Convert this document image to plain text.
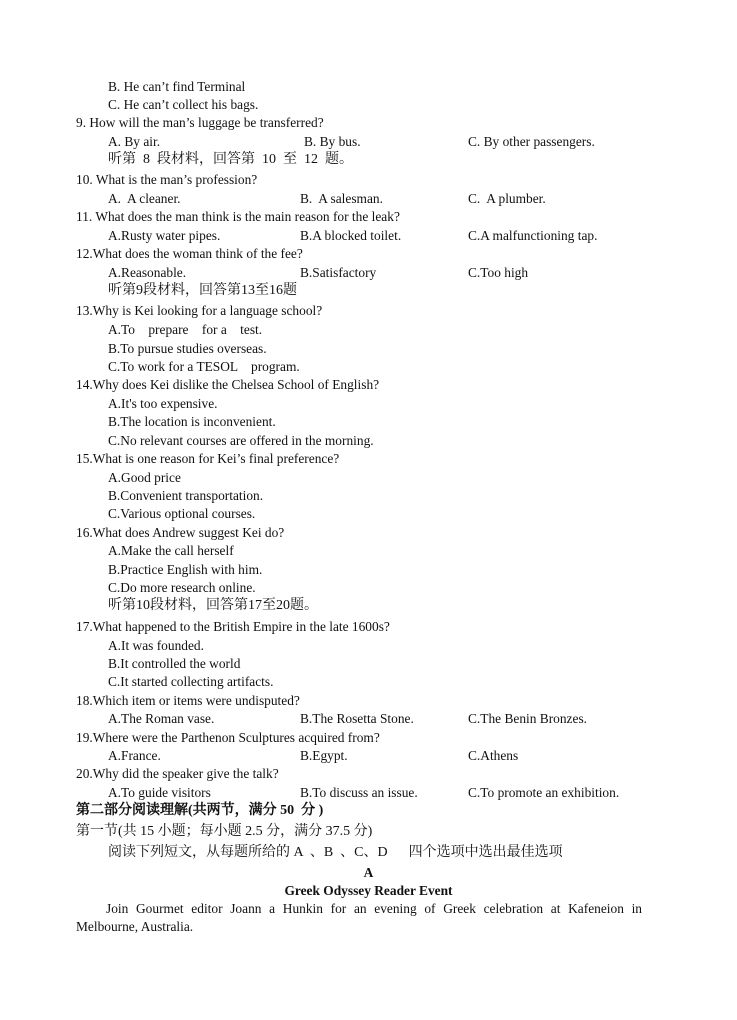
B. He can’t find Terminal
C. He can’t collect his bags.
9. How will the man’s luggage be transferred?
A. By air.	B. By bus.	C. By other passengers.
听第  8  段材料，回答第  10  至  12  题。
10. What is the man’s profession?
A.  A cleaner.	B.  A salesman.	C.  A plumber.
11. What does the man think is the main reason for the leak?
A.Rusty water pipes.	B.A blocked toilet.	C.A malfunctioning tap.
12.What does the woman think of the fee?
A.Reasonable.	B.Satisfactory	C.Too high
听第9段材料，回答第13至16题
13.Why is Kei looking for a language school?
A.To    prepare    for a    test.
B.To pursue studies overseas.
C.To work for a TESOL    program.
14.Why does Kei dislike the Chelsea School of English?
A.It's too expensive.
B.The location is inconvenient.
C.No relevant courses are offered in the morning.
15.What is one reason for Kei’s final preference?
A.Good price
B.Convenient transportation.
C.Various optional courses.
16.What does Andrew suggest Kei do?
A.Make the call herself
B.Practice English with him.
C.Do more research online.
听第10段材料，回答第17至20题。
17.What happened to the British Empire in the late 1600s?
A.It was founded.
B.It controlled the world
C.It started collecting artifacts.
18.Which item or items were undisputed?
A.The Roman vase.	B.The Rosetta Stone.	C.The Benin Bronzes.
19.Where were the Parthenon Sculptures acquired from?
A.France.	B.Egypt.	C.Athens
20.Why did the speaker give the talk?
A.To guide visitors	B.To discuss an issue.	C.To promote an exhibition.
第二部分阅读理解(共两节，满分 50  分 )
第一节(共 15 小题；每小题 2.5 分，满分 37.5 分)
阅读下列短文，从每题所给的 A  、B  、C、D      四个选项中选出最佳选项
A
Greek Odyssey Reader Event
Join Gourmet editor Joann a Hunkin for an evening of Greek celebration at Kafeneion in Melbourne, Australia.
